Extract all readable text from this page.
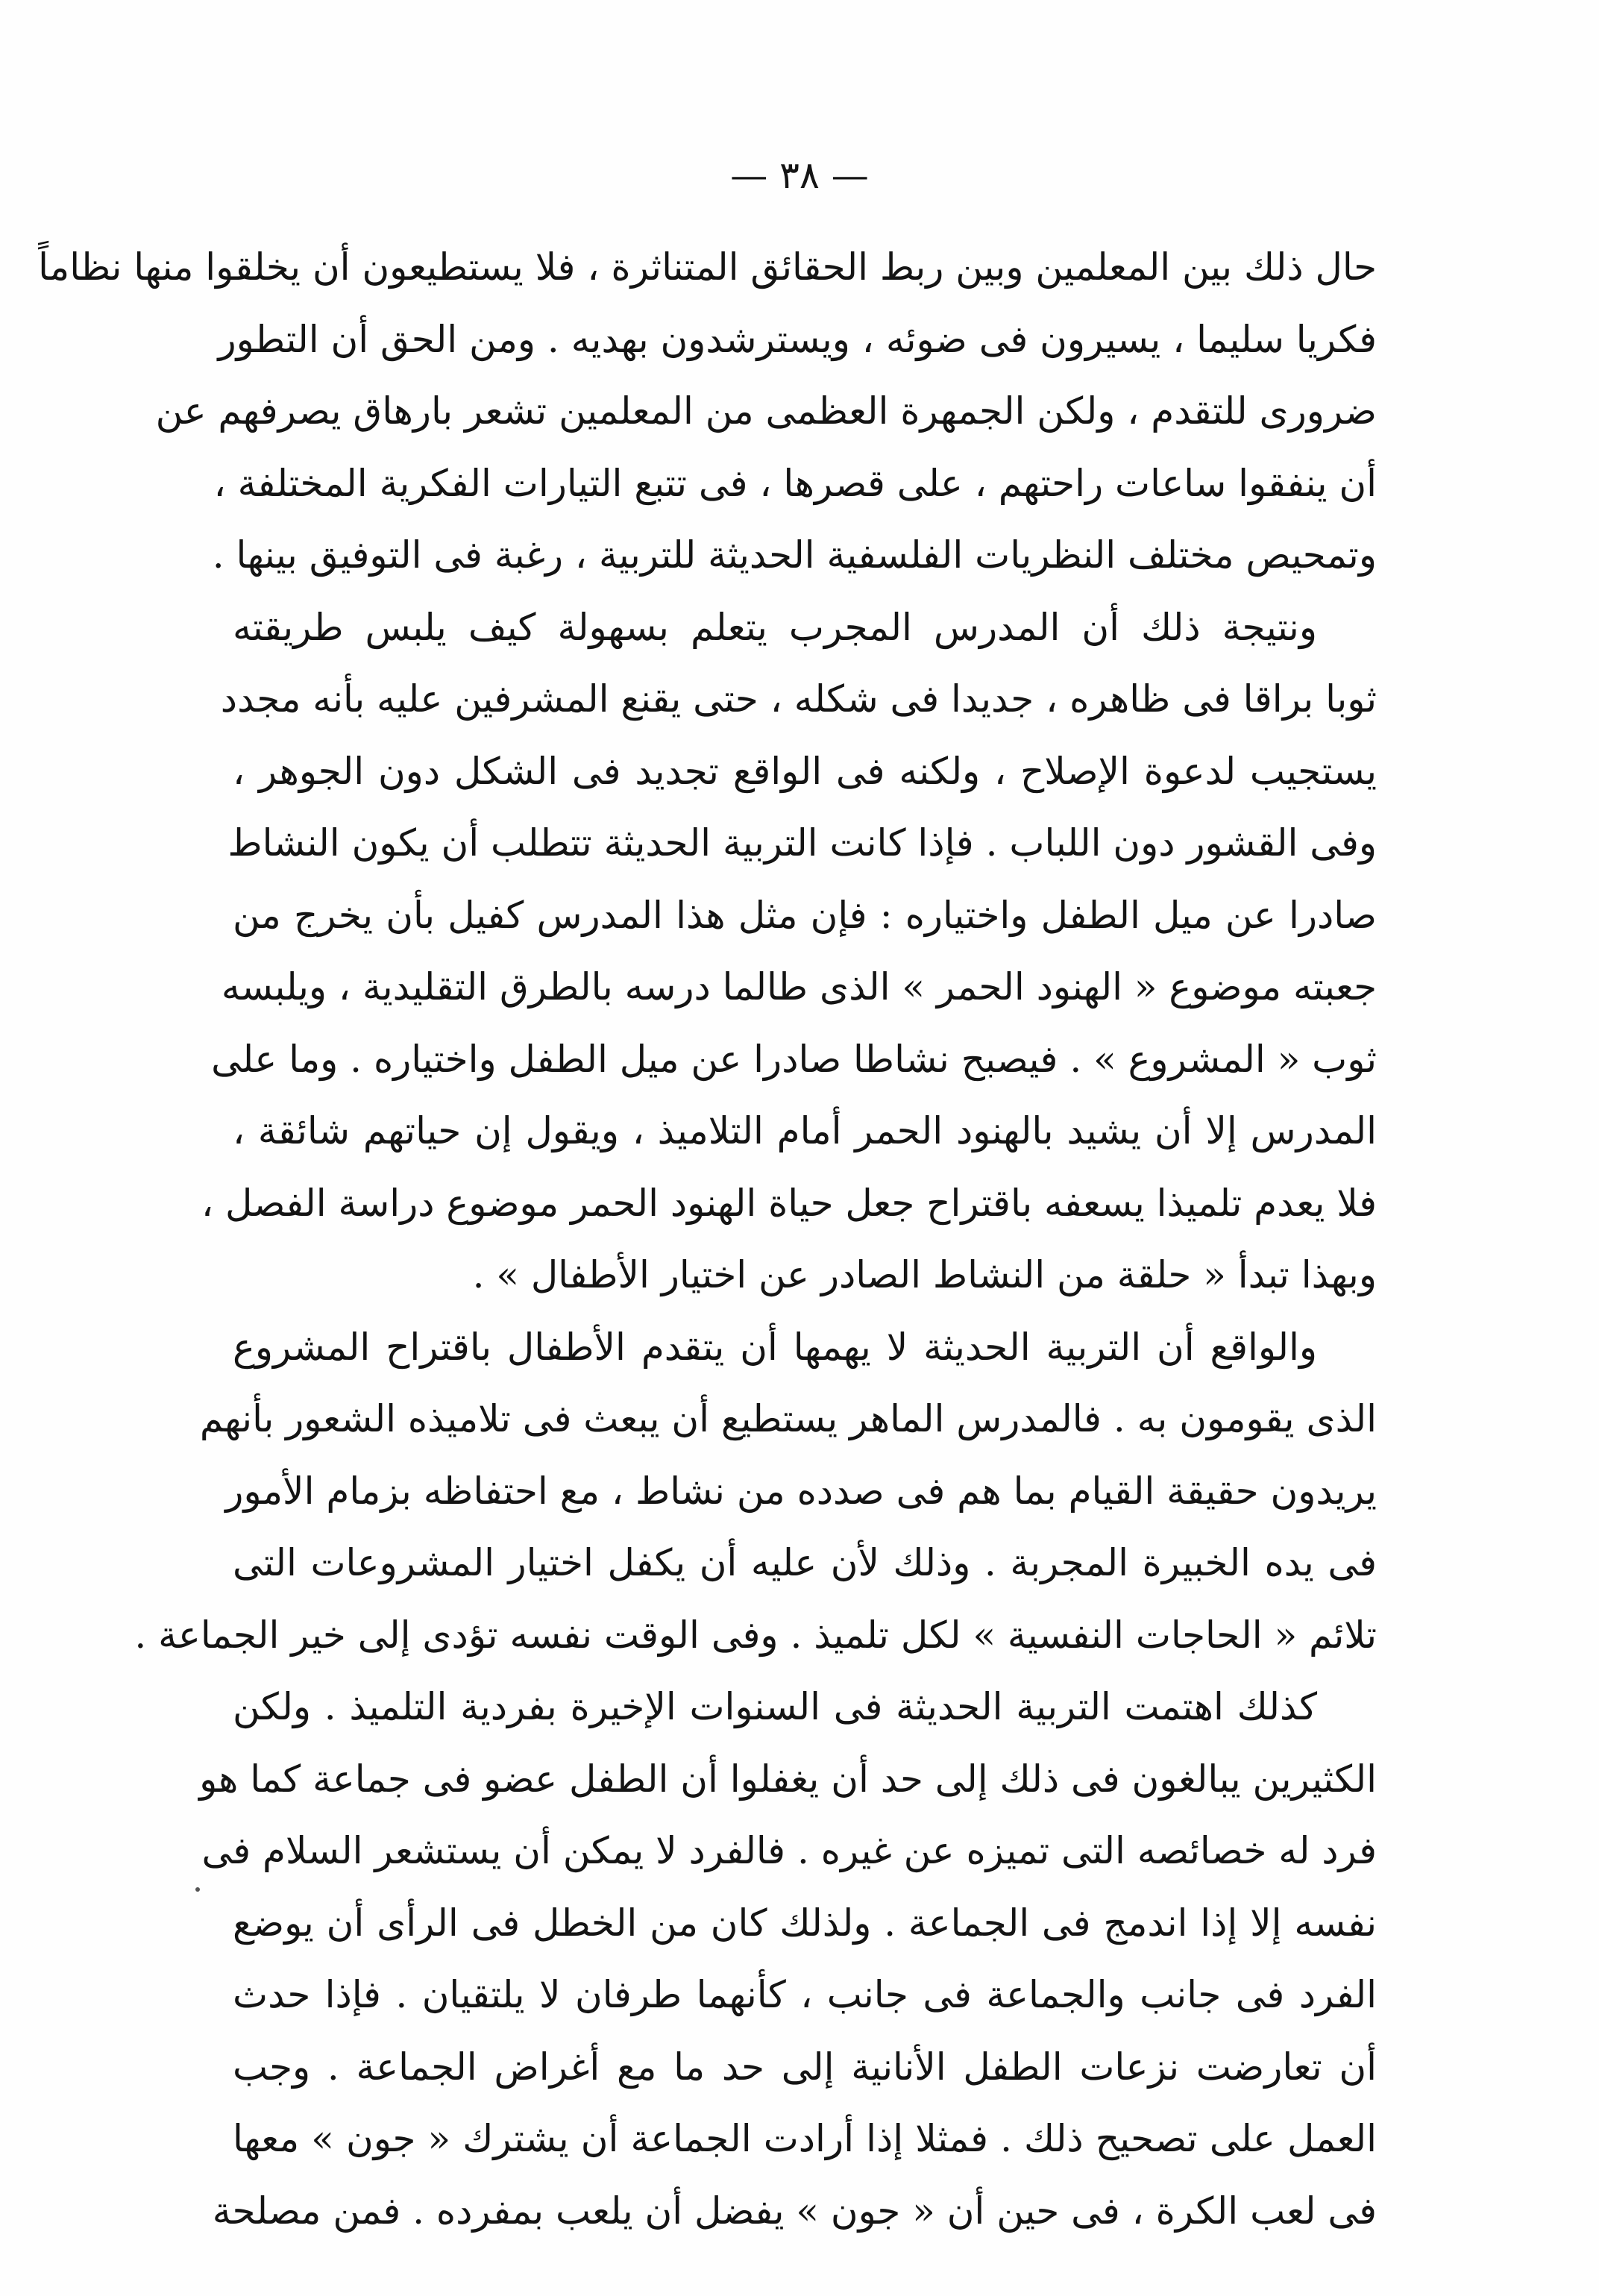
— ٣٨ —
حال ذلك بين المعلمين وبين ربط الحقائق المتناثرة ، فلا يستطيعون أن يخلقوا منها نظاماً
فكريا سليما ، يسيرون فى ضوئه ، ويسترشدون بهديه . ومن الحق أن التطور
ضرورى للتقدم ، ولكن الجمهرة العظمى من المعلمين تشعر بارهاق يصرفهم عن
أن ينفقوا ساعات راحتهم ، على قصرها ، فى تتبع التيارات الفكرية المختلفة ،
وتمحيص مختلف النظريات الفلسفية الحديثة للتربية ، رغبة فى التوفيق بينها .
ونتيجة ذلك أن المدرس المجرب يتعلم بسهولة كيف يلبس طريقته
ثوبا براقا فى ظاهره ، جديدا فى شكله ، حتى يقنع المشرفين عليه بأنه مجدد
يستجيب لدعوة الإصلاح ، ولكنه فى الواقع تجديد فى الشكل دون الجوهر ،
وفى القشور دون اللباب . فإذا كانت التربية الحديثة تتطلب أن يكون النشاط
صادرا عن ميل الطفل واختياره : فإن مثل هذا المدرس كفيل بأن يخرج من
جعبته موضوع « الهنود الحمر » الذى طالما درسه بالطرق التقليدية ، ويلبسه
ثوب « المشروع » . فيصبح نشاطا صادرا عن ميل الطفل واختياره . وما على
المدرس إلا أن يشيد بالهنود الحمر أمام التلاميذ ، ويقول إن حياتهم شائقة ،
فلا يعدم تلميذا يسعفه باقتراح جعل حياة الهنود الحمر موضوع دراسة الفصل ،
وبهذا تبدأ « حلقة من النشاط الصادر عن اختيار الأطفال » .
والواقع أن التربية الحديثة لا يهمها أن يتقدم الأطفال باقتراح المشروع
الذى يقومون به . فالمدرس الماهر يستطيع أن يبعث فى تلاميذه الشعور بأنهم
يريدون حقيقة القيام بما هم فى صدده من نشاط ، مع احتفاظه بزمام الأمور
فى يده الخبيرة المجربة . وذلك لأن عليه أن يكفل اختيار المشروعات التى
تلائم « الحاجات النفسية » لكل تلميذ . وفى الوقت نفسه تؤدى إلى خير الجماعة .
كذلك اهتمت التربية الحديثة فى السنوات الإخيرة بفردية التلميذ . ولكن
الكثيرين يبالغون فى ذلك إلى حد أن يغفلوا أن الطفل عضو فى جماعة كما هو
فرد له خصائصه التى تميزه عن غيره . فالفرد لا يمكن أن يستشعر السلام فى
نفسه إلا إذا اندمج فى الجماعة . ولذلك كان من الخطل فى الرأى أن يوضع
الفرد فى جانب والجماعة فى جانب ، كأنهما طرفان لا يلتقيان . فإذا حدث
أن تعارضت نزعات الطفل الأنانية إلى حد ما مع أغراض الجماعة . وجب
العمل على تصحيح ذلك . فمثلا إذا أرادت الجماعة أن يشترك « جون » معها
فى لعب الكرة ، فى حين أن « جون » يفضل أن يلعب بمفرده . فمن مصلحة
